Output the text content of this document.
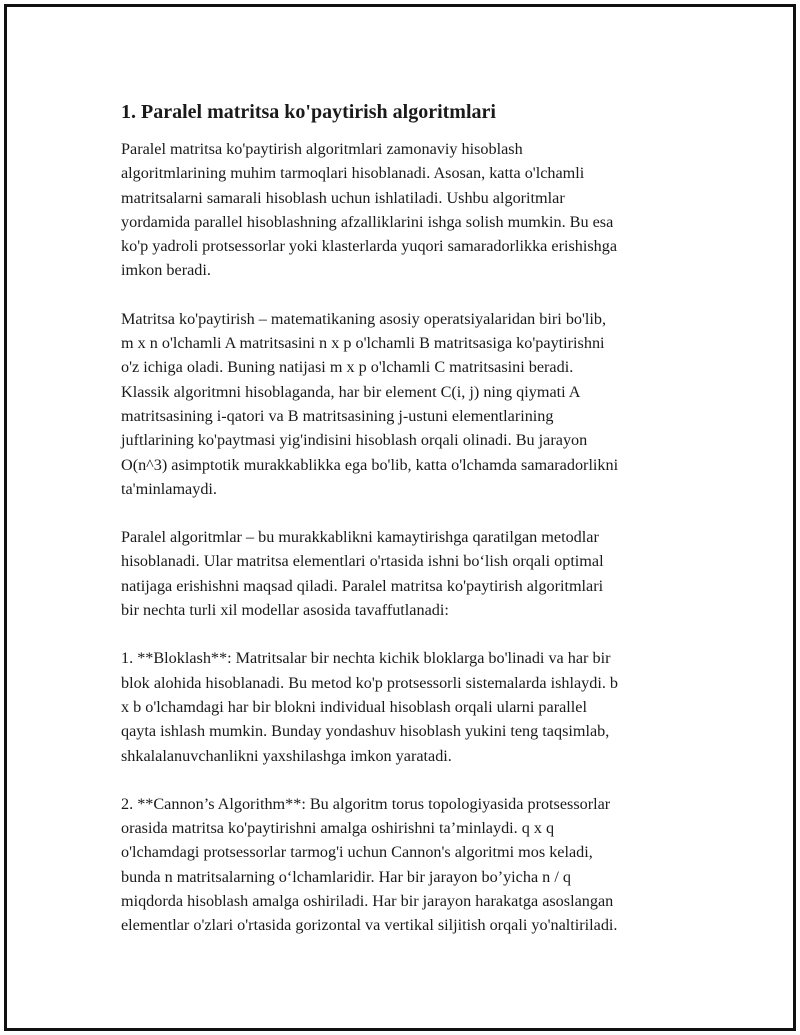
1. Paralel matritsa ko'paytirish algoritmlari

Paralel matritsa ko'paytirish algoritmlari zamonaviy hisoblash
algoritmlarining muhim tarmoqlari hisoblanadi. Asosan, katta o'lchamli
matritsalarni samarali hisoblash uchun ishlatiladi. Ushbu algoritmlar
yordamida parallel hisoblashning afzalliklarini ishga solish mumkin. Bu esa
ko'p yadroli protsessorlar yoki klasterlarda yuqori samaradorlikka erishishga
imkon beradi.

Matritsa ko'paytirish – matematikaning asosiy operatsiyalaridan biri bo'lib,
m x n o'lchamli A matritsasini n x p o'lchamli B matritsasiga ko'paytirishni
o'z ichiga oladi. Buning natijasi m x p o'lchamli C matritsasini beradi.
Klassik algoritmni hisoblaganda, har bir element C(i, j) ning qiymati A
matritsasining i-qatori va B matritsasining j-ustuni elementlarining
juftlarining ko'paytmasi yig'indisini hisoblash orqali olinadi. Bu jarayon
O(n^3) asimptotik murakkablikka ega bo'lib, katta o'lchamda samaradorlikni
ta'minlamaydi.

Paralel algoritmlar – bu murakkablikni kamaytirishga qaratilgan metodlar
hisoblanadi. Ular matritsa elementlari o'rtasida ishni bo‘lish orqali optimal
natijaga erishishni maqsad qiladi. Paralel matritsa ko'paytirish algoritmlari
bir nechta turli xil modellar asosida tavaffutlanadi:

1. **Bloklash**: Matritsalar bir nechta kichik bloklarga bo'linadi va har bir
blok alohida hisoblanadi. Bu metod ko'p protsessorli sistemalarda ishlaydi. b
x b o'lchamdagi har bir blokni individual hisoblash orqali ularni parallel
qayta ishlash mumkin. Bunday yondashuv hisoblash yukini teng taqsimlab,
shkalalanuvchanlikni yaxshilashga imkon yaratadi.

2. **Cannon’s Algorithm**: Bu algoritm torus topologiyasida protsessorlar
orasida matritsa ko'paytirishni amalga oshirishni ta’minlaydi. q x q
o'lchamdagi protsessorlar tarmog'i uchun Cannon's algoritmi mos keladi,
bunda n matritsalarning o‘lchamlaridir. Har bir jarayon bo’yicha n / q
miqdorda hisoblash amalga oshiriladi. Har bir jarayon harakatga asoslangan
elementlar o'zlari o'rtasida gorizontal va vertikal siljitish orqali yo'naltiriladi.
